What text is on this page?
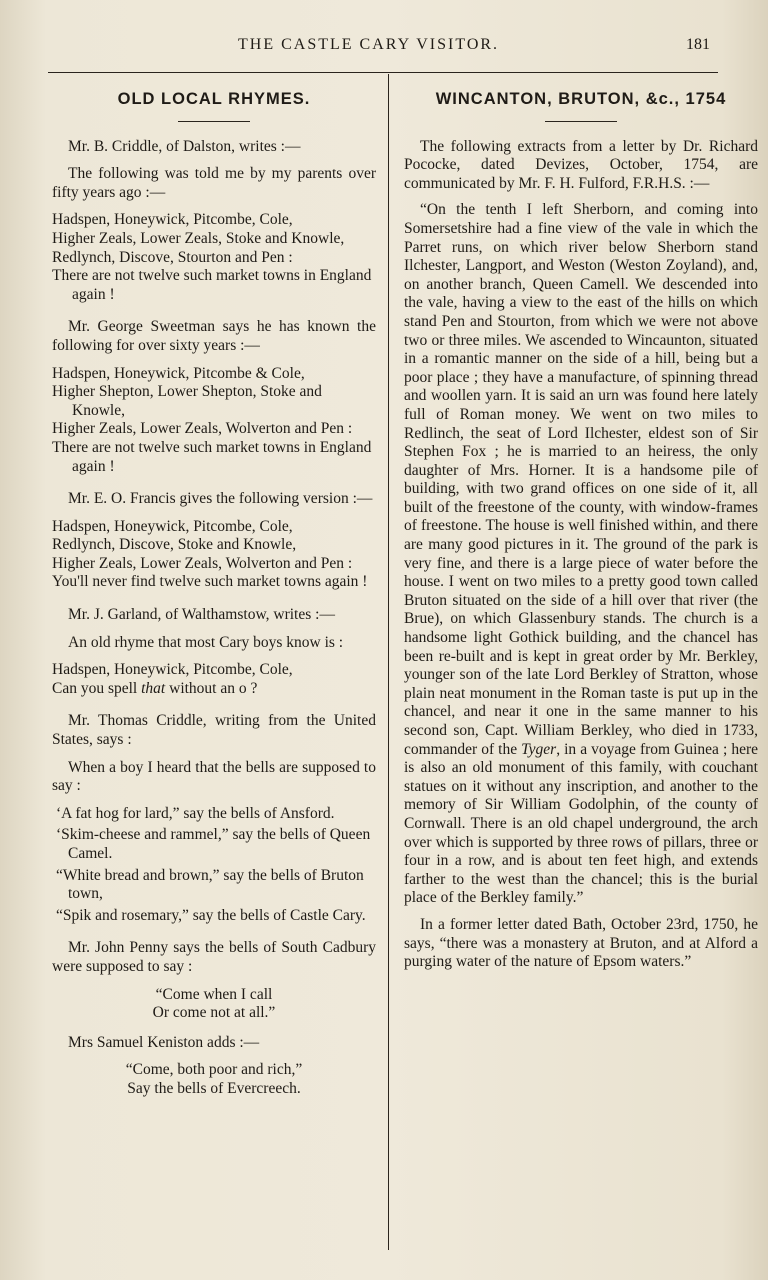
THE CASTLE CARY VISITOR.	181
OLD LOCAL RHYMES.

Mr. B. Criddle, of Dalston, writes :—

The following was told me by my parents over fifty years ago :—

Hadspen, Honeywick, Pitcombe, Cole,

Higher Zeals, Lower Zeals, Stoke and Knowle,

Redlynch, Discove, Stourton and Pen :

There are not twelve such market towns in England again !

Mr. George Sweetman says he has known the following for over sixty years :—

Hadspen, Honeywick, Pitcombe & Cole,

Higher Shepton, Lower Shepton, Stoke and Knowle,

Higher Zeals, Lower Zeals, Wolverton and Pen :

There are not twelve such market towns in England again !

Mr. E. O. Francis gives the following version :—

Hadspen, Honeywick, Pitcombe, Cole,

Redlynch, Discove, Stoke and Knowle,

Higher Zeals, Lower Zeals, Wolverton and Pen :

You'll never find twelve such market towns again !

Mr. J. Garland, of Walthamstow, writes :—

An old rhyme that most Cary boys know is :

Hadspen, Honeywick, Pitcombe, Cole,

Can you spell that without an o ?

Mr. Thomas Criddle, writing from the United States, says :

When a boy I heard that the bells are supposed to say :

‘A fat hog for lard,” say the bells of Ansford.

‘Skim-cheese and rammel,” say the bells of Queen Camel.

“White bread and brown,” say the bells of Bruton town,

“Spik and rosemary,” say the bells of Castle Cary.

Mr. John Penny says the bells of South Cadbury were supposed to say :

“Come when I call

Or come not at all.”

Mrs Samuel Keniston adds :—

“Come, both poor and rich,”

Say the bells of Evercreech.

WINCANTON, BRUTON, &c., 1754

The following extracts from a letter by Dr. Richard Pococke, dated Devizes, October, 1754, are communicated by Mr. F. H. Fulford, F.R.H.S. :—

“On the tenth I left Sherborn, and coming into Somersetshire had a fine view of the vale in which the Parret runs, on which river below Sherborn stand Ilchester, Langport, and Weston (Weston Zoyland), and, on another branch, Queen Camell. We descended into the vale, having a view to the east of the hills on which stand Pen and Stourton, from which we were not above two or three miles. We ascended to Wincaunton, situated in a romantic manner on the side of a hill, being but a poor place ; they have a manufacture, of spinning thread and woollen yarn. It is said an urn was found here lately full of Roman money. We went on two miles to Redlinch, the seat of Lord Ilchester, eldest son of Sir Stephen Fox ; he is married to an heiress, the only daughter of Mrs. Horner. It is a handsome pile of building, with two grand offices on one side of it, all built of the freestone of the county, with window-frames of freestone. The house is well finished within, and there are many good pictures in it. The ground of the park is very fine, and there is a large piece of water before the house. I went on two miles to a pretty good town called Bruton situated on the side of a hill over that river (the Brue), on which Glassenbury stands. The church is a handsome light Gothick building, and the chancel has been re-built and is kept in great order by Mr. Berkley, younger son of the late Lord Berkley of Stratton, whose plain neat monument in the Roman taste is put up in the chancel, and near it one in the same manner to his second son, Capt. William Berkley, who died in 1733, commander of the Tyger, in a voyage from Guinea ; here is also an old monument of this family, with couchant statues on it without any inscription, and another to the memory of Sir William Godolphin, of the county of Cornwall. There is an old chapel underground, the arch over which is supported by three rows of pillars, three or four in a row, and is about ten feet high, and extends farther to the west than the chancel; this is the burial place of the Berkley family.”

In a former letter dated Bath, October 23rd, 1750, he says, “there was a monastery at Bruton, and at Alford a purging water of the nature of Epsom waters.”
